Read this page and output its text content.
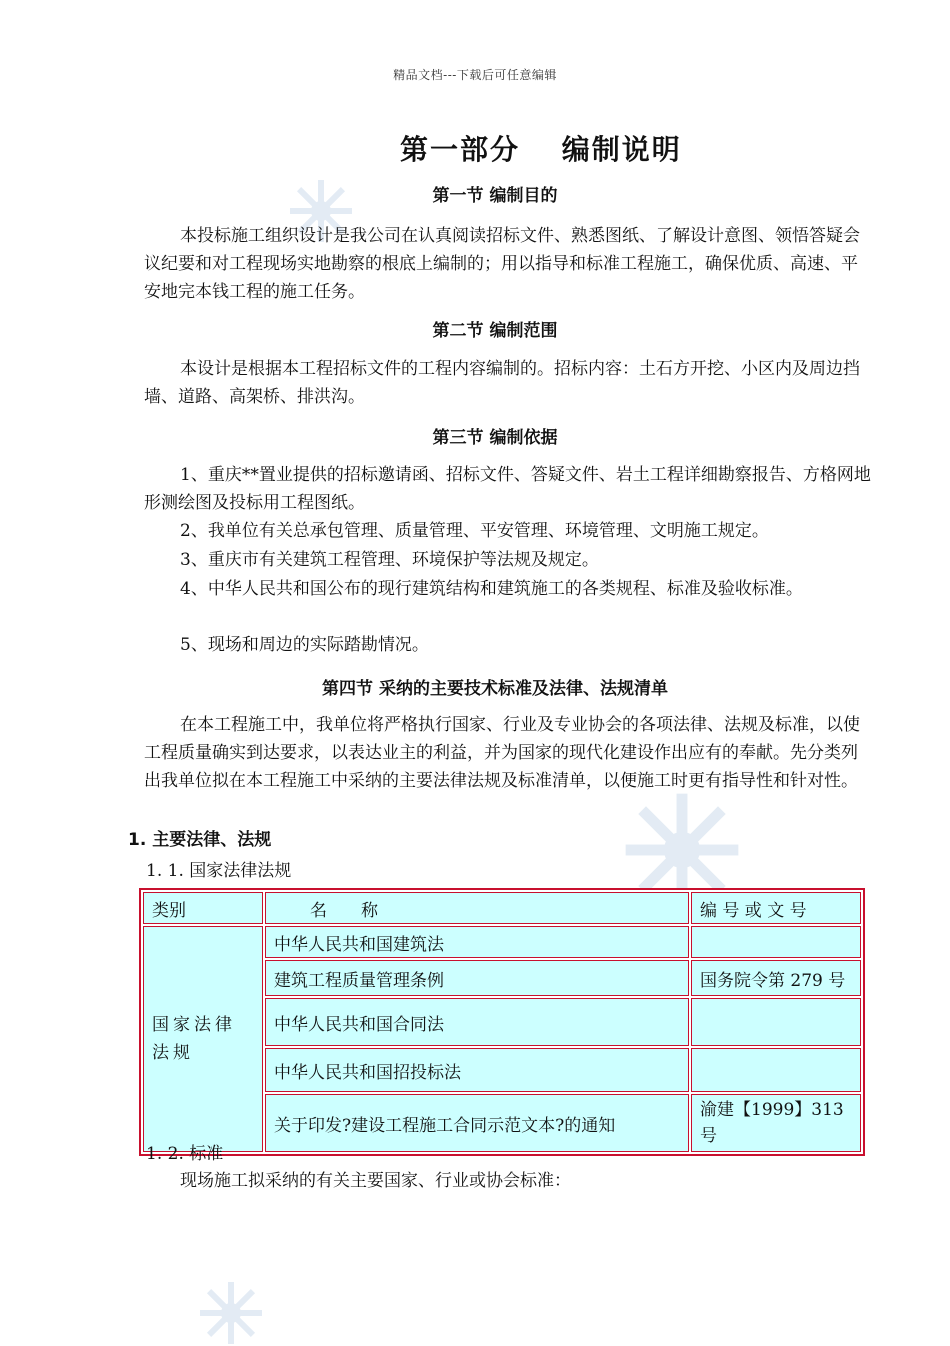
精品文档---下载后可任意编辑
第一部分　 编制说明
第一节 编制目的
本投标施工组织设计是我公司在认真阅读招标文件、熟悉图纸、了解设计意图、领悟答疑会议纪要和对工程现场实地勘察的根底上编制的；用以指导和标准工程施工，确保优质、高速、平安地完本钱工程的施工任务。
第二节 编制范围
本设计是根据本工程招标文件的工程内容编制的。招标内容：土石方开挖、小区内及周边挡墙、道路、高架桥、排洪沟。
第三节 编制依据
1、重庆**置业提供的招标邀请函、招标文件、答疑文件、岩土工程详细勘察报告、方格网地形测绘图及投标用工程图纸。
2、我单位有关总承包管理、质量管理、平安管理、环境管理、文明施工规定。
3、重庆市有关建筑工程管理、环境保护等法规及规定。
4、中华人民共和国公布的现行建筑结构和建筑施工的各类规程、标准及验收标准。
5、现场和周边的实际踏勘情况。
第四节 采纳的主要技术标准及法律、法规清单
在本工程施工中，我单位将严格执行国家、行业及专业协会的各项法律、法规及标准，以使工程质量确实到达要求，以表达业主的利益，并为国家的现代化建设作出应有的奉献。先分类列出我单位拟在本工程施工中采纳的主要法律法规及标准清单，以便施工时更有指导性和针对性。
1. 主要法律、法规
1. 1. 国家法律法规
类别	名　　称	编 号 或 文 号
国家法律法规	中华人民共和国建筑法	
	建筑工程质量管理条例	国务院令第 279 号
	中华人民共和国合同法	
	中华人民共和国招投标法	
	关于印发?建设工程施工合同示范文本?的通知	渝建【1999】313号
1. 2. 标准
现场施工拟采纳的有关主要国家、行业或协会标准：
